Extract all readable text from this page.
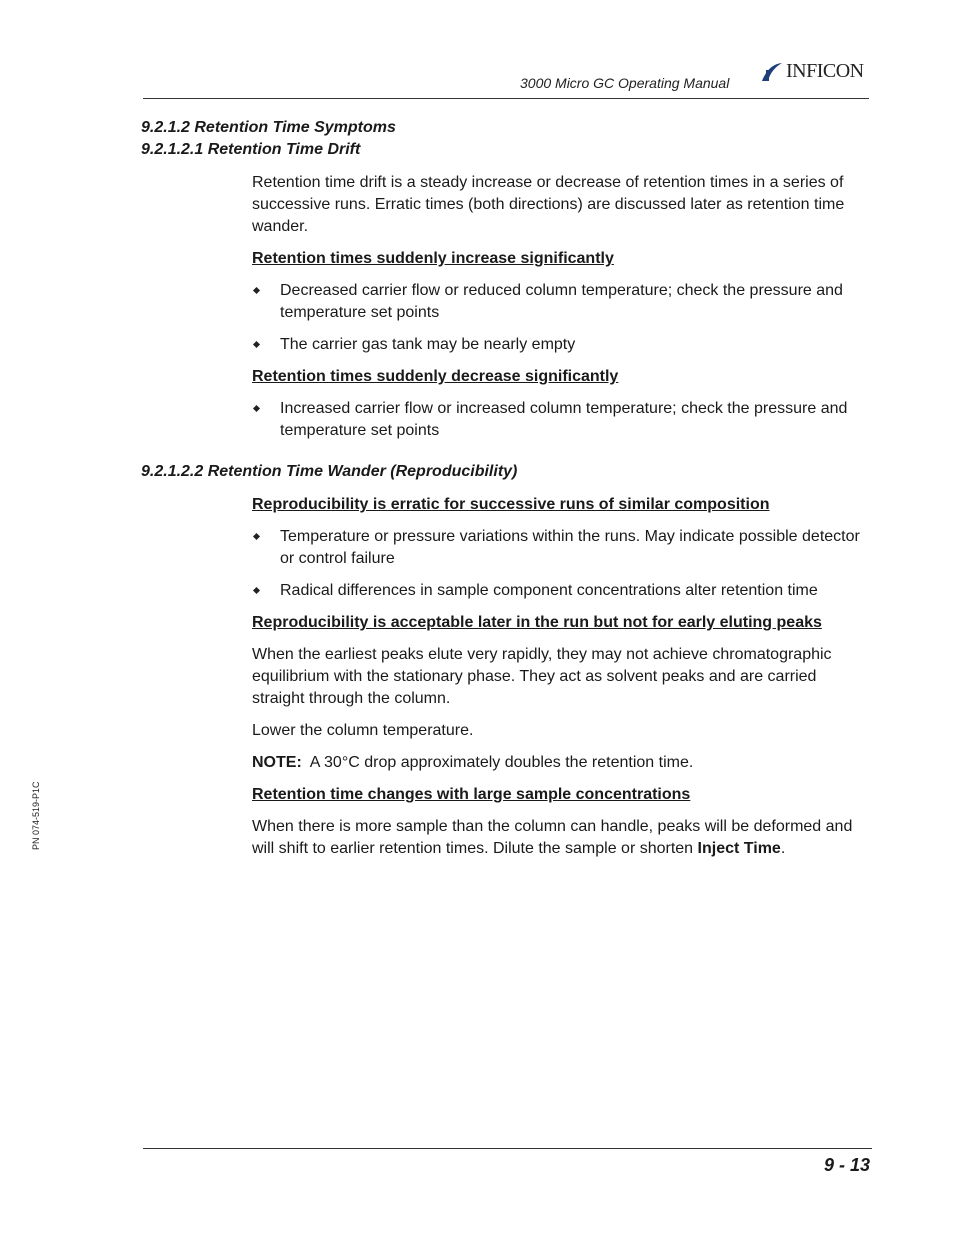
3000 Micro GC Operating Manual
INFICON
9.2.1.2 Retention Time Symptoms
9.2.1.2.1 Retention Time Drift

Retention time drift is a steady increase or decrease of retention times in a series of successive runs. Erratic times (both directions) are discussed later as retention time wander.

Retention times suddenly increase significantly

Decreased carrier flow or reduced column temperature; check the pressure and temperature set points
The carrier gas tank may be nearly empty

Retention times suddenly decrease significantly

Increased carrier flow or increased column temperature; check the pressure and temperature set points
9.2.1.2.2 Retention Time Wander (Reproducibility)

Reproducibility is erratic for successive runs of similar composition

Temperature or pressure variations within the runs. May indicate possible detector or control failure
Radical differences in sample component concentrations alter retention time

Reproducibility is acceptable later in the run but not for early eluting peaks

When the earliest peaks elute very rapidly, they may not achieve chromatographic equilibrium with the stationary phase. They act as solvent peaks and are carried straight through the column.

Lower the column temperature.

NOTE: A 30°C drop approximately doubles the retention time.

Retention time changes with large sample concentrations

When there is more sample than the column can handle, peaks will be deformed and will shift to earlier retention times. Dilute the sample or shorten Inject Time.

PN 074-519-P1C
9 - 13
